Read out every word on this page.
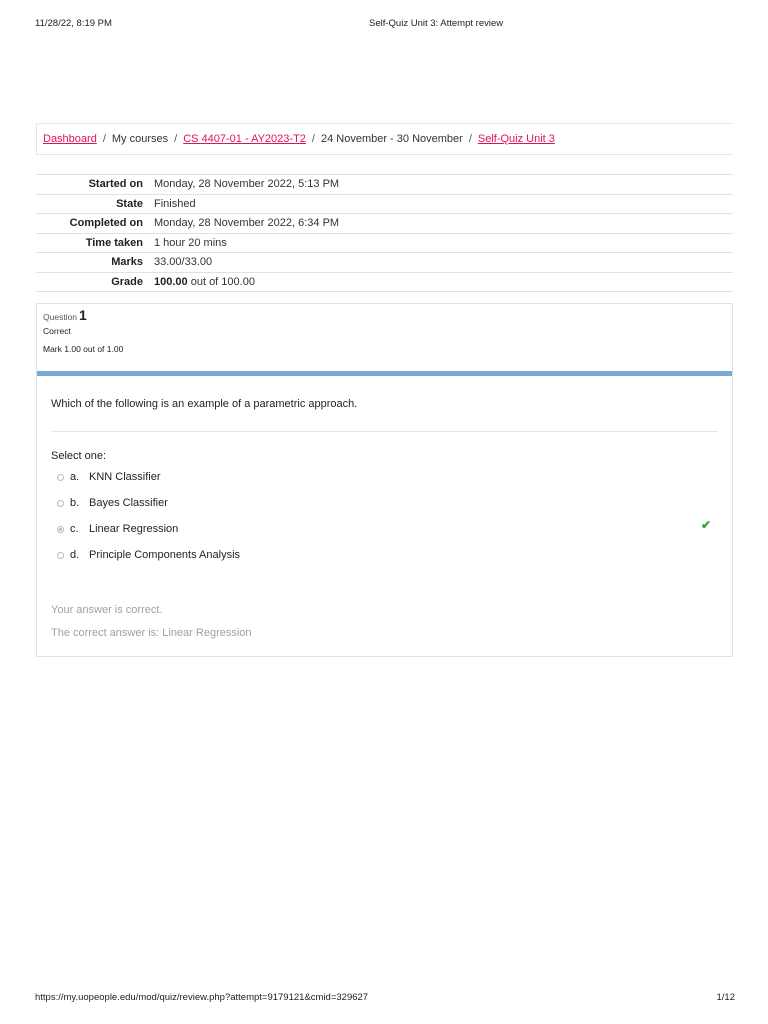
11/28/22, 8:19 PM	Self-Quiz Unit 3: Attempt review
Dashboard / My courses / CS 4407-01 - AY2023-T2 / 24 November - 30 November / Self-Quiz Unit 3
Started on	Monday, 28 November 2022, 5:13 PM
State	Finished
Completed on	Monday, 28 November 2022, 6:34 PM
Time taken	1 hour 20 mins
Marks	33.00/33.00
Grade	100.00 out of 100.00
Question 1
Correct
Mark 1.00 out of 1.00
Which of the following is an example of a parametric approach.
Select one:
a. KNN Classifier
b. Bayes Classifier
c. Linear Regression
d. Principle Components Analysis
✔
Your answer is correct.
The correct answer is: Linear Regression
https://my.uopeople.edu/mod/quiz/review.php?attempt=9179121&cmid=329627	1/12
